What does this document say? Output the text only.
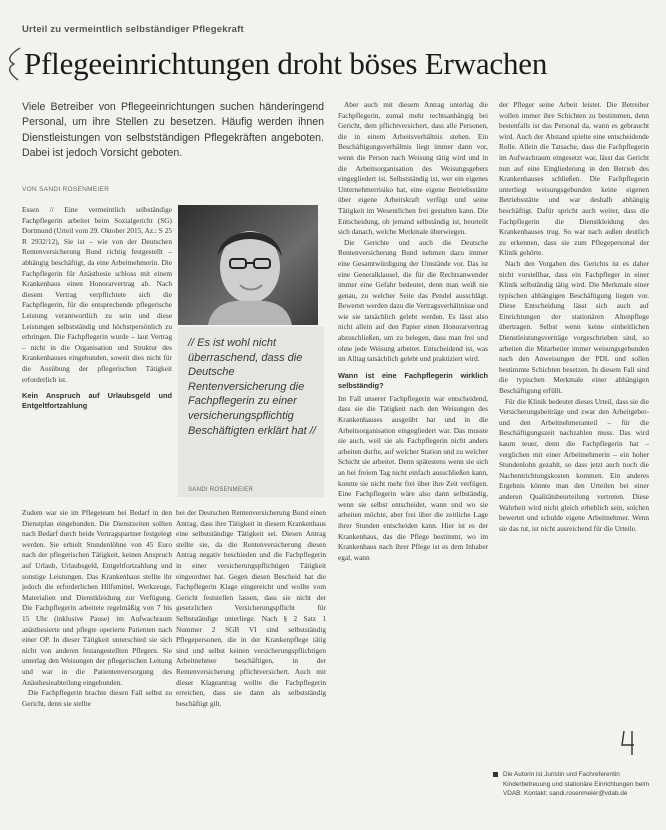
Urteil zu vermeintlich selbständiger Pflegekraft
Pflegeeinrichtungen droht böses Erwachen
Viele Betreiber von Pflegeeinrichtungen suchen händeringend Personal, um ihre Stellen zu besetzen. Häufig werden ihnen Dienstleistungen von selbstständigen Pflegekräften angeboten. Dabei ist jedoch Vorsicht geboten.
VON SANDI ROSENMEIER

Essen // Eine vermeintlich selbständige Fachpflegerin arbeitet beim Sozialgericht (SG) Dortmund (Urteil vom 29. Oktober 2015, Az.: S 25 R 2932/12), Sie ist – wie von der Deutschen Rentenversicherung Bund richtig festgestellt – abhängig beschäftigt, da eine Arbeitnehmerin. Die Fachpflegerin für Anästhesie schloss mit einem Krankenhaus einen Honorarvertrag ab. Nach diesem Vertrag verpflichtete sich die Fachpflegerin, für die entsprechende pflegerische Leistung verantwortlich zu sein und diese Leistungen selbstständig und höchstpersönlich zu erbringen. Die Fachpflegerin wurde – laut Vertrag – nicht in die Organisation und Struktur des Krankenhauses eingebunden, soweit dies nicht für die Ausübung der pflegerischen Tätigkeit erforderlich ist.

Kein Anspruch auf Urlaubsgeld und Entgeltfortzahlung

Zudem war sie im Pflegeteam bei Bedarf in den Dienstplan eingebunden. Die Dienstzeiten sollten nach Bedarf durch beide Vertragspartner festgelegt werden. Sie erhielt Stundenlöhne von 45 Euro nach der pflegerischen Tätigkeit, keinen Anspruch auf Urlaub, Urlaubsgeld, Entgeltfortzahlung und sonstige Leistungen. Das Krankenhaus stellte ihr jedoch die erforderlichen Hilfsmittel, Werkzeuge, Materialien und Dienstkleidung zur Verfügung. Die Fachpflegerin arbeitete regelmäßig von 7 bis 15 Uhr (inklusive Pause) im Aufwachraum anästhesierte und pflegte operierte Patienten nach einer OP. In dieser Tätigkeit unterschied sie sich nicht von anderen festangestellten Pflegern. Sie unterlag den Weisungen der pflegerischen Leitung und war in die Patientenversorgung des Anästhesieabteilung eingebunden.

Die Fachpflegerin brachte diesen Fall selbst zu Gericht, denn sie stellte

// Es ist wohl nicht überraschend, dass die Deutsche Rentenversicherung die Fachpflegerin zu einer versicherungspflichtig Beschäftigten erklärt hat //
SANDI ROSENMEIER

bei der Deutschen Rentenversicherung Bund einen Antrag, dass ihre Tätigkeit in diesem Krankenhaus eine selbstständige Tätigkeit sei. Diesen Antrag stellte sie, da die Rentenversicherung diesen Antrag negativ beschieden und die Fachpflegerin in einer versicherungspflichtigen Tätigkeit eingeordnet hat. Gegen diesen Bescheid hat die Fachpflegerin Klage eingereicht und wollte vom Gericht feststellen lassen, dass sie nicht der gesetzlichen Versicherungspflicht für Selbstständige unterliege. Nach § 2 Satz 1 Nummer 2 SGB VI sind selbstständig Pflegepersonen, die in der Krankenpflege tätig sind und selbst keinen versicherungspflichtigen Arbeitnehmer beschäftigen, in der Rentenversicherung pflichtversichert. Auch mit dieser Klageantrag wollte die Fachpflegerin erreichen, dass sie dann als selbstständig beschäftigt gilt.

Aber auch mit diesem Antrag unterlag die Fachpflegerin, zumal mehr rechtsanhängig bei Gericht, dem pflichtversichert, dass alle Personen, die in einem Arbeitsverhältnis stehen. Ein Beschäftigungsverhältnis liegt immer dann vor, wenn die Person nach Weisung tätig wird und in die Arbeitsorganisation des Weisungsgebers eingegliedert ist. Selbstständig ist, wer ein eigenes Unternehmerrisiko hat, eine eigene Betriebsstätte über eigene Arbeitskraft verfügt und seine Tätigkeit im Wesentlichen frei gestalten kann. Die Entscheidung, ob jemand selbständig ist, beurteilt sich danach, welche Merkmale überwiegen.

Die Gerichte und auch die Deutsche Rentenversicherung Bund nehmen dazu immer eine Gesamtwürdigung der Umstände vor. Das ist eine Generalklausel, die für die Rechtsanwender immer eine Gefahr bedeutet, denn man weiß nie genau, zu welcher Seite das Pendel ausschlägt. Bewertet werden dazu die Vertragsverhältnisse und wie sie tatsächlich gelebt werden. Es lässt also nicht allein auf den Papier einen Honorarvertrag abzuschließen, um zu belegen, dass man frei und ohne jede Weisung arbeitet. Entscheidend ist, was im Alltag tatsächlich gelebt und praktiziert wird.

Wann ist eine Fachpflegerin wirklich selbständig?

Im Fall unserer Fachpflegerin war entscheidend, dass sie die Tätigkeit nach den Weisungen des Krankenhauses ausgeübt hat und in die Arbeitsorganisation eingegliedert war. Das musste sie auch, weil sie als Fachpflegerin nicht anders arbeiten durfte, auf welcher Station und zu welcher Schicht sie arbeitet. Denn spätestens wenn sie sich an bei freiem Tag nicht einfach ausschließen kann, konnte sie nicht mehr frei über ihre Zeit verfügen. Eine Fachpflegerin wäre also dann selbständig, wenn sie selbst entscheidet, wann und wo sie arbeiten möchte, aber frei über die zeitliche Lage ihrer Stunden entscheiden kann. Hier ist es der Krankenhaus, das die Pflege bestimmt, wo im Krankenhaus nach ihrer Pflege ist es dem Inhaber egal, wann

der Pfleger seine Arbeit leistet. Die Betreiber wollen immer ihre Schichten zu bestimmen, denn bestenfalls ist das Personal da, wann es gebraucht wird. Auch der Abstand spielte eine entscheidende Rolle. Allein die Tatsache, dass die Fachpflegerin im Aufwachraum eingesetzt war, lässt das Gericht nun auf eine Eingliederung in den Betrieb des Krankenhauses schließen. Die Fachpflegerin unterliegt weisungsgebunden keine eigenen Betriebsstätte und war deshalb abhängig beschäftigt. Dafür spricht auch weiter, dass die Fachpflegerin die Dienstkleidung des Krankenhauses trug. So war nach außen deutlich zu erkennen, dass sie zum Pflegepersonal der Klinik gehörte.

Nach den Vorgaben des Gerichts ist es daher nicht vorstellbar, dass ein Fachpfleger in einer Klinik selbständig tätig wird. Die Merkmale einer typischen abhängigen Beschäftigung liegen vor. Diese Entscheidung lässt sich auch auf Einrichtungen der stationären Altenpflege übertragen. Selbst wenn keine einheitlichen Dienstleistungsverträge vorgeschrieben sind, so arbeiten die Mitarbeiter immer weisungsgebunden nach den Anweisungen der PDL und sollen bestimmte Schichten besetzen. In diesem Fall sind die typischen Merkmale einer abhängigen Beschäftigung erfüllt.

Für die Klinik bedeutet dieses Urteil, dass sie die Versicherungsbeiträge und zwar den Arbeitgeber- und den Arbeitnehmeranteil – für die Beschäftigungszeit nachzahlen muss. Das wird kaum teuer, denn die Fachpflegerin hat – verglichen mit einer Arbeitnehmerin – ein hoher Stundenlohn gezahlt, so dass jetzt auch noch die Nachentrichtungskosten kommen. Ein anderes Ergebnis könnte man den Urteilen bei einer anderen Qualitätsbeurteilung vertreten. Diese Wahrheit wird nicht gleich erheblich sein, solchen bewertet und schulde eigene Arbeitnehmer. Wenn sie das tut, ist nicht ausreichend für die Urteile.

Die Autorin ist Juristin und Fachreferentin Kinderbetreuung und stationäre Einrichtungen beim VDAB. Kontakt: sandi.rosenmeier@vdab.de
